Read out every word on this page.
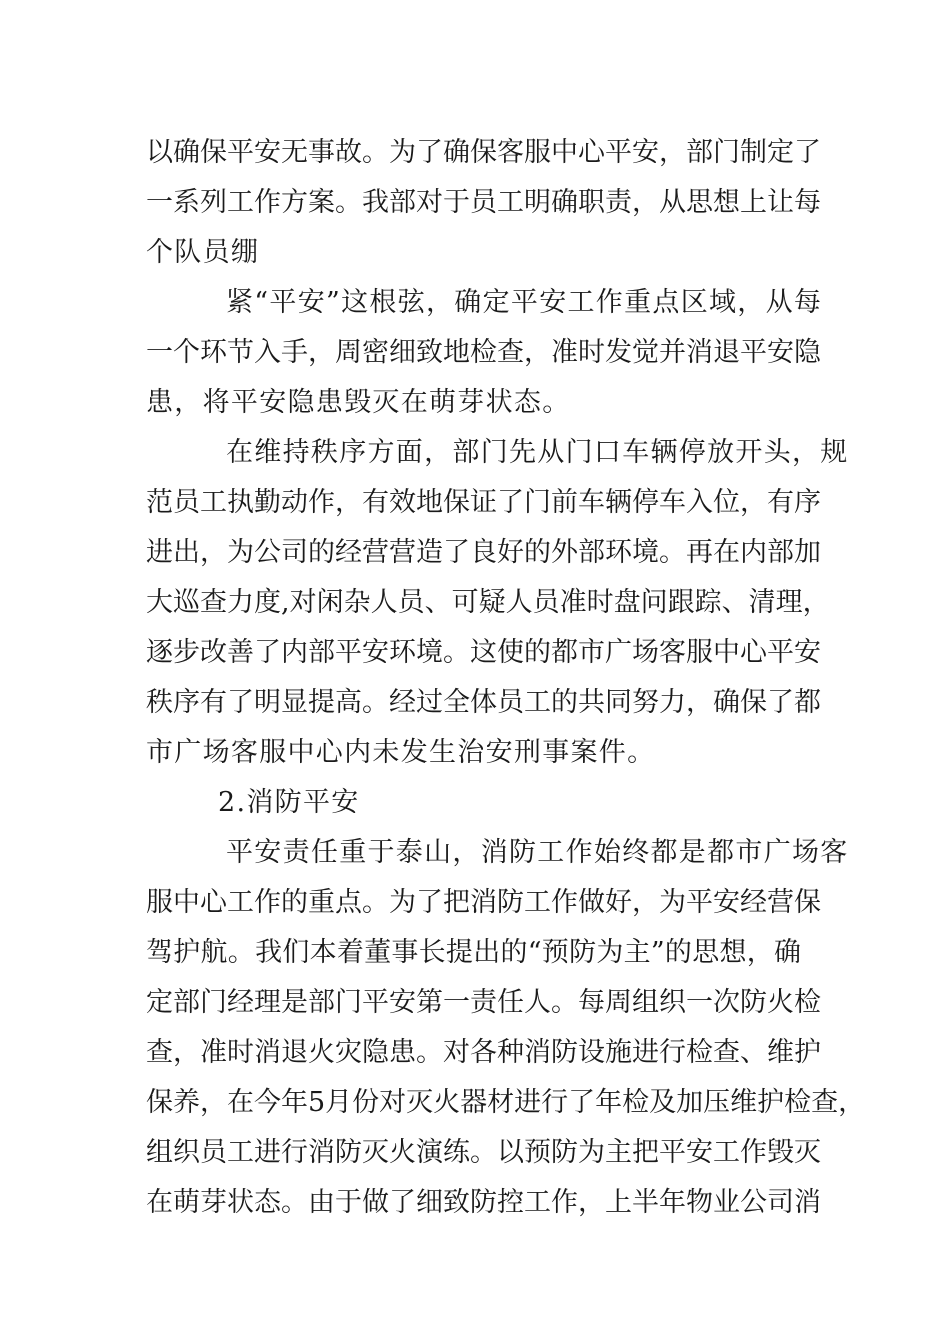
以确保平安无事故。为了确保客服中心平安，部门制定了

一系列工作方案。我部对于员工明确职责，从思想上让每

个队员绷

紧“平安”这根弦，确定平安工作重点区域，从每

一个环节入手，周密细致地检查，准时发觉并消退平安隐

患，将平安隐患毁灭在萌芽状态。

在维持秩序方面，部门先从门口车辆停放开头，规

范员工执勤动作，有效地保证了门前车辆停车入位，有序

进出，为公司的经营营造了良好的外部环境。再在内部加

大巡查力度,对闲杂人员、可疑人员准时盘问跟踪、清理，

逐步改善了内部平安环境。这使的都市广场客服中心平安

秩序有了明显提高。经过全体员工的共同努力，确保了都

市广场客服中心内未发生治安刑事案件。

2.消防平安

平安责任重于泰山，消防工作始终都是都市广场客

服中心工作的重点。为了把消防工作做好，为平安经营保

驾护航。我们本着董事长提出的“预防为主”的思想，确

定部门经理是部门平安第一责任人。每周组织一次防火检

查，准时消退火灾隐患。对各种消防设施进行检查、维护

保养，在今年5月份对灭火器材进行了年检及加压维护检查，

组织员工进行消防灭火演练。以预防为主把平安工作毁灭

在萌芽状态。由于做了细致防控工作，上半年物业公司消
